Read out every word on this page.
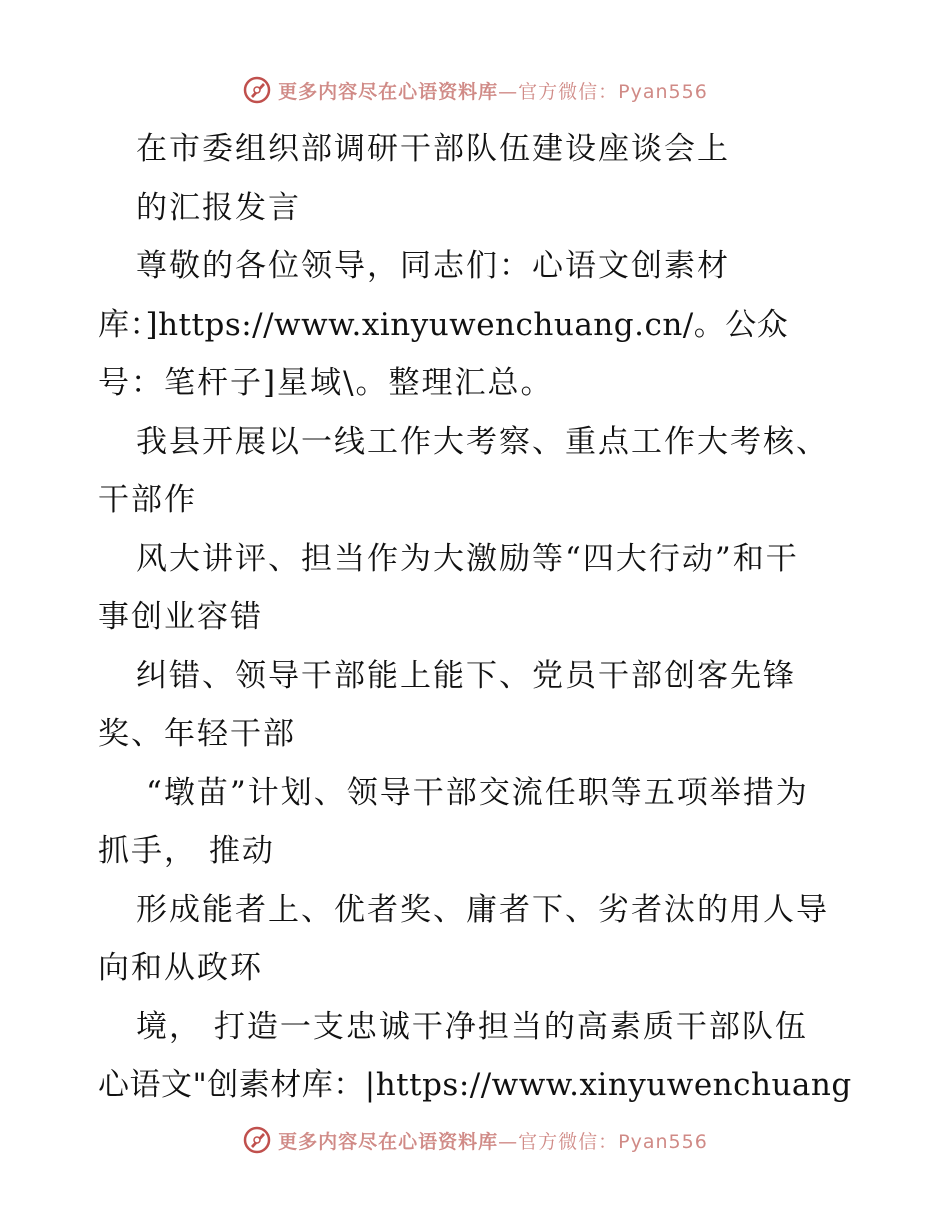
更多内容尽在心语资料库—官方微信：Pyan556
在市委组织部调研干部队伍建设座谈会上
的汇报发言
尊敬的各位领导，同志们：心语文创素材
库：]https://www.xinyuwenchuang.cn/。公众
号：笔杆子]星域\。整理汇总。
我县开展以一线工作大考察、重点工作大考核、
干部作
风大讲评、担当作为大激励等“四大行动”和干
事创业容错
纠错、领导干部能上能下、党员干部创客先锋
奖、年轻干部
“墩苗”计划、领导干部交流任职等五项举措为
抓手， 推动
形成能者上、优者奖、庸者下、劣者汰的用人导
向和从政环
境， 打造一支忠诚干净担当的高素质干部队伍
心语文"创素材库：|https://www.xinyuwenchuang
更多内容尽在心语资料库—官方微信：Pyan556
